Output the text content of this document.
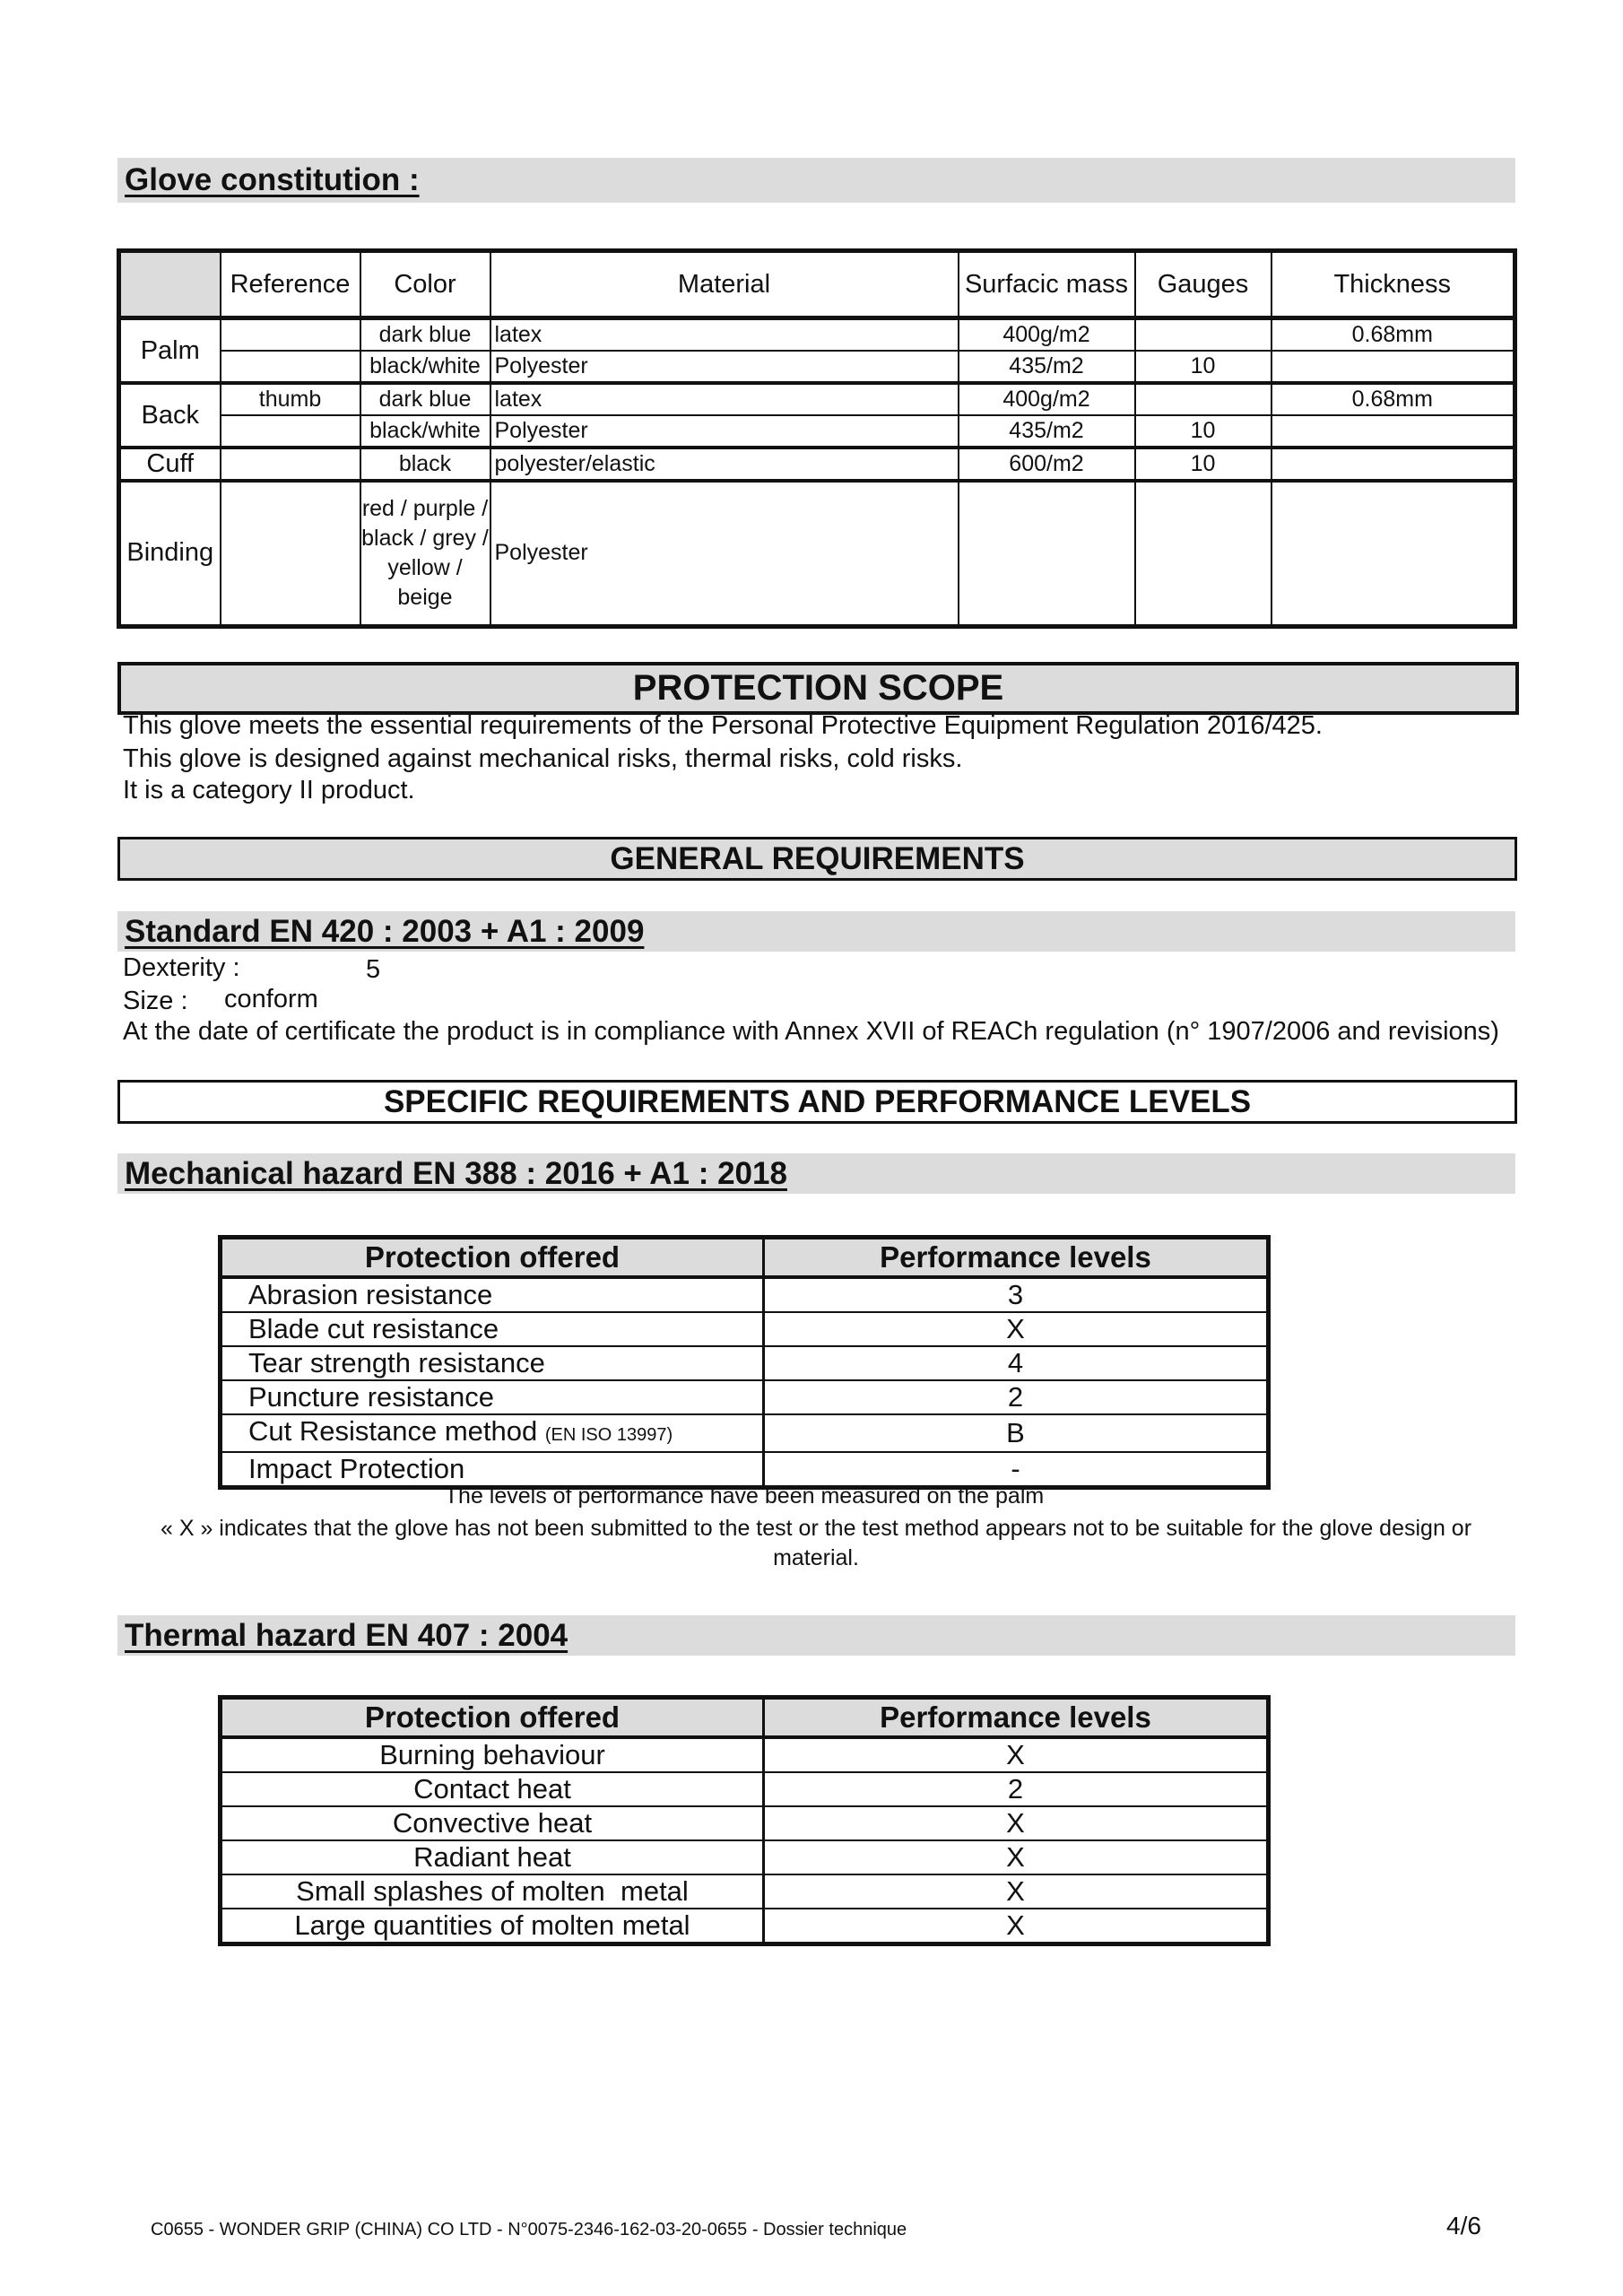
Glove constitution :
	Reference	Color	Material	Surfacic mass	Gauges	Thickness
Palm		dark blue	latex	400g/m2		0.68mm
		black/white	Polyester	435/m2	10	
Back	thumb	dark blue	latex	400g/m2		0.68mm
		black/white	Polyester	435/m2	10	
Cuff		black	polyester/elastic	600/m2	10	
Binding		red / purple / black / grey / yellow / beige	Polyester			
PROTECTION SCOPE
This glove meets the essential requirements of the Personal Protective Equipment Regulation 2016/425.
This glove is designed against mechanical risks, thermal risks, cold risks.
It is a category II product.
GENERAL REQUIREMENTS
Standard EN 420 : 2003 + A1 : 2009
Dexterity :	5
Size : conform
At the date of certificate the product is in compliance with Annex XVII of REACh regulation (n° 1907/2006 and revisions)
SPECIFIC REQUIREMENTS AND PERFORMANCE LEVELS
Mechanical hazard EN 388 : 2016 + A1 : 2018
Protection offered	Performance levels
Abrasion resistance	3
Blade cut resistance	X
Tear strength resistance	4
Puncture resistance	2
Cut Resistance method (EN ISO 13997)	B
Impact Protection	-
The levels of performance have been measured on the palm
« X » indicates that the glove has not been submitted to the test or the test method appears not to be suitable for the glove design or material.
Thermal hazard EN 407 : 2004
Protection offered	Performance levels
Burning behaviour	X
Contact heat	2
Convective heat	X
Radiant heat	X
Small splashes of molten  metal	X
Large quantities of molten metal	X
C0655 - WONDER GRIP (CHINA) CO LTD - N°0075-2346-162-03-20-0655 - Dossier technique	4/6
